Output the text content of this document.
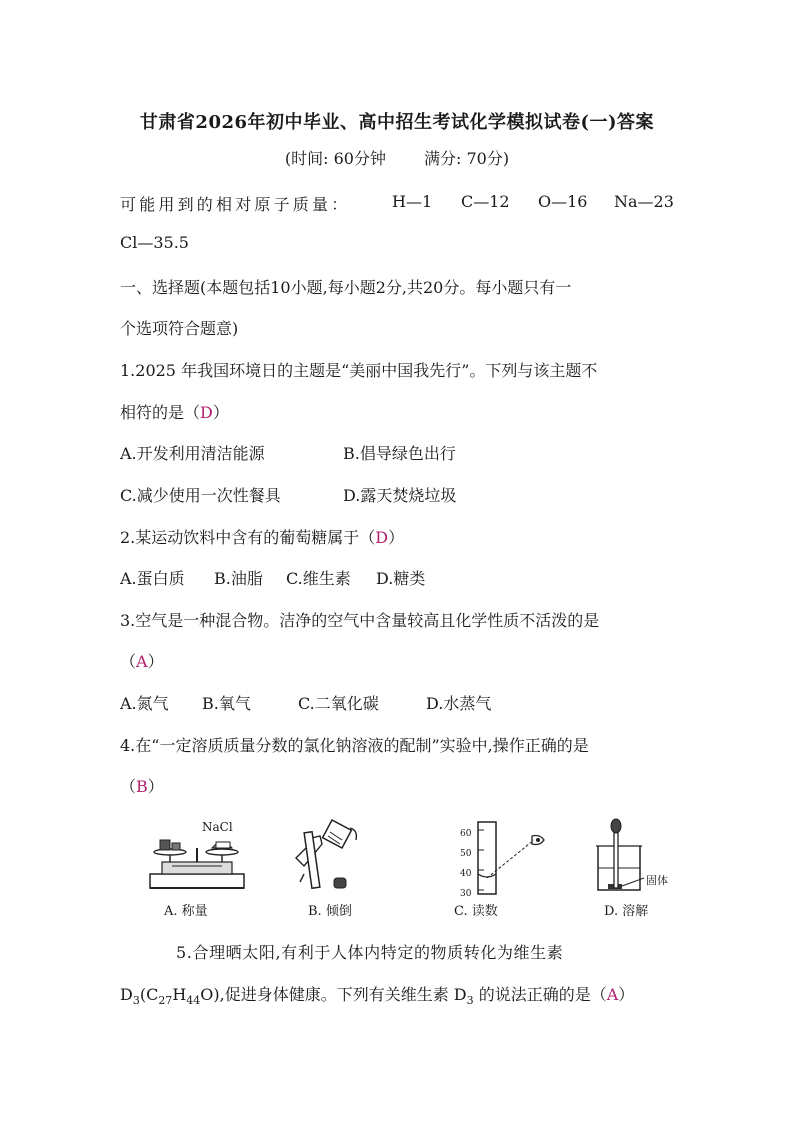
甘肃省2026年初中毕业、高中招生考试化学模拟试卷(一)答案
(时间: 60分钟 满分: 70分)
可能用到的相对原子质量：	H—1 C—12 O—16 Na—23
Cl—35.5
一、选择题(本题包括10小题,每小题2分,共20分。每小题只有一
个选项符合题意)
1.2025 年我国环境日的主题是“美丽中国我先行”。下列与该主题不
相符的是（D）
A.开发利用清洁能源	B.倡导绿色出行
C.减少使用一次性餐具	D.露天焚烧垃圾
2.某运动饮料中含有的葡萄糖属于（D）
A.蛋白质 B.油脂 C.维生素 D.糖类
3.空气是一种混合物。洁净的空气中含量较高且化学性质不活泼的是
（A）
A.氮气 B.氧气	C.二氧化碳	D.水蒸气
4.在“一定溶质质量分数的氯化钠溶液的配制”实验中,操作正确的是
（B）
NaCl
A. 称量	B. 倾倒
60
50
40
30
C. 读数
固体
D. 溶解
5.合理晒太阳,有利于人体内特定的物质转化为维生素
$D_3(C_{27}H_{44}O)$,促进身体健康。下列有关维生素 $D_3$ 的说法正确的是（A）
